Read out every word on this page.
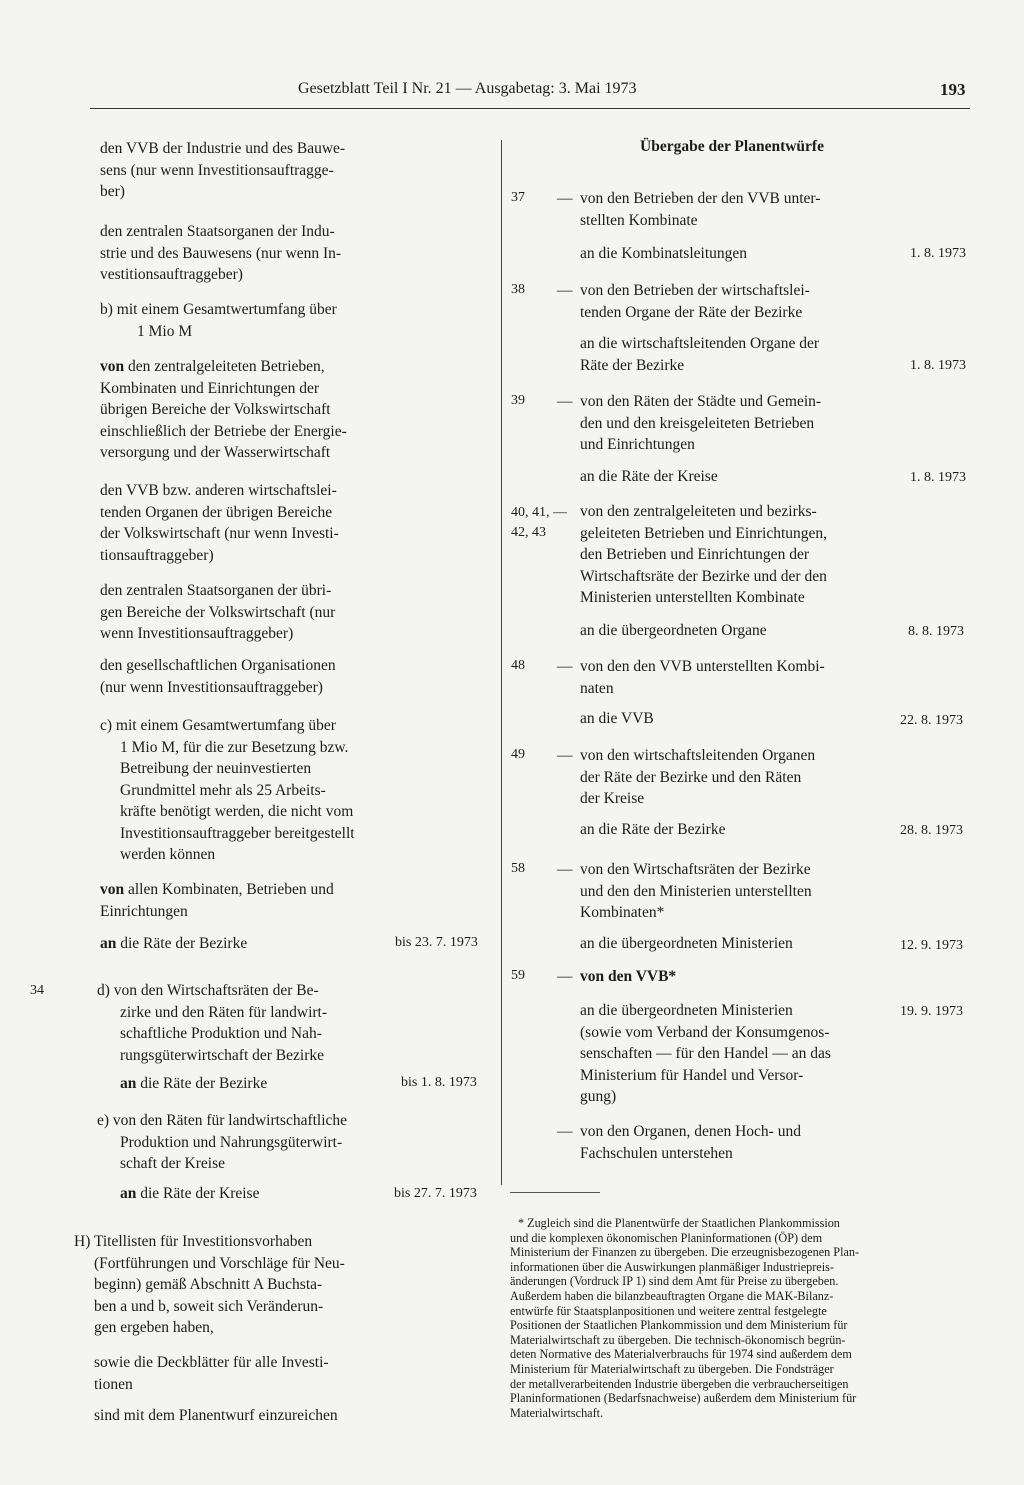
Gesetzblatt Teil I Nr. 21 — Ausgabetag: 3. Mai 1973	193
den VVB der Industrie und des Bauwe-
sens (nur wenn Investitionsauftragge-
ber)
den zentralen Staatsorganen der Indu-
strie und des Bauwesens (nur wenn In-
vestitionsauftraggeber)
b) mit einem Gesamtwertumfang über
1 Mio M
von den zentralgeleiteten Betrieben,
Kombinaten und Einrichtungen der
übrigen Bereiche der Volkswirtschaft
einschließlich der Betriebe der Energie-
versorgung und der Wasserwirtschaft
den VVB bzw. anderen wirtschaftslei-
tenden Organen der übrigen Bereiche
der Volkswirtschaft (nur wenn Investi-
tionsauftraggeber)
den zentralen Staatsorganen der übri-
gen Bereiche der Volkswirtschaft (nur
wenn Investitionsauftraggeber)
den gesellschaftlichen Organisationen
(nur wenn Investitionsauftraggeber)
c) mit einem Gesamtwertumfang über
1 Mio M, für die zur Besetzung bzw.
Betreibung der neuinvestierten
Grundmittel mehr als 25 Arbeits-
kräfte benötigt werden, die nicht vom
Investitionsauftraggeber bereitgestellt
werden können
von allen Kombinaten, Betrieben und
Einrichtungen
an die Räte der Bezirke	bis 23. 7. 1973
34	d) von den Wirtschaftsräten der Be-
zirke und den Räten für landwirt-
schaftliche Produktion und Nah-
rungsgüterwirtschaft der Bezirke
an die Räte der Bezirke	bis 1. 8. 1973
e) von den Räten für landwirtschaftliche
Produktion und Nahrungsgüterwirt-
schaft der Kreise
an die Räte der Kreise	bis 27. 7. 1973
H) Titellisten für Investitionsvorhaben
(Fortführungen und Vorschläge für Neu-
beginn) gemäß Abschnitt A Buchsta-
ben a und b, soweit sich Veränderun-
gen ergeben haben,
sowie die Deckblätter für alle Investi-
tionen
sind mit dem Planentwurf einzureichen
Übergabe der Planentwürfe
37 — von den Betrieben der den VVB unter-
stellten Kombinate
an die Kombinatsleitungen	1. 8. 1973
38 — von den Betrieben der wirtschaftslei-
tenden Organe der Räte der Bezirke
an die wirtschaftsleitenden Organe der
Räte der Bezirke	1. 8. 1973
39 — von den Räten der Städte und Gemein-
den und den kreisgeleiteten Betrieben
und Einrichtungen
an die Räte der Kreise	1. 8. 1973
40, 41, —
42, 43
von den zentralgeleiteten und bezirks-
geleiteten Betrieben und Einrichtungen,
den Betrieben und Einrichtungen der
Wirtschaftsräte der Bezirke und der den
Ministerien unterstellten Kombinate
an die übergeordneten Organe	8. 8. 1973
48 — von den den VVB unterstellten Kombi-
naten
an die VVB	22. 8. 1973
49 — von den wirtschaftsleitenden Organen
der Räte der Bezirke und den Räten
der Kreise
an die Räte der Bezirke	28. 8. 1973
58 — von den Wirtschaftsräten der Bezirke
und den den Ministerien unterstellten
Kombinaten*
an die übergeordneten Ministerien	12. 9. 1973
59 — von den VVB*
an die übergeordneten Ministerien
(sowie vom Verband der Konsumgenos-
senschaften — für den Handel — an das
Ministerium für Handel und Versor-
gung)
19. 9. 1973
— von den Organen, denen Hoch- und
Fachschulen unterstehen
* Zugleich sind die Planentwürfe der Staatlichen Plankommission
und die komplexen ökonomischen Planinformationen (ÖP) dem
Ministerium der Finanzen zu übergeben. Die erzeugnisbezogenen Plan-
informationen über die Auswirkungen planmäßiger Industriepreis-
änderungen (Vordruck IP 1) sind dem Amt für Preise zu übergeben.
Außerdem haben die bilanzbeauftragten Organe die MAK-Bilanz-
entwürfe für Staatsplanpositionen und weitere zentral festgelegte
Positionen der Staatlichen Plankommission und dem Ministerium für
Materialwirtschaft zu übergeben. Die technisch-ökonomisch begrün-
deten Normative des Materialverbrauchs für 1974 sind außerdem dem
Ministerium für Materialwirtschaft zu übergeben. Die Fondsträger
der metallverarbeitenden Industrie übergeben die verbraucherseitigen
Planinformationen (Bedarfsnachweise) außerdem dem Ministerium für
Materialwirtschaft.
